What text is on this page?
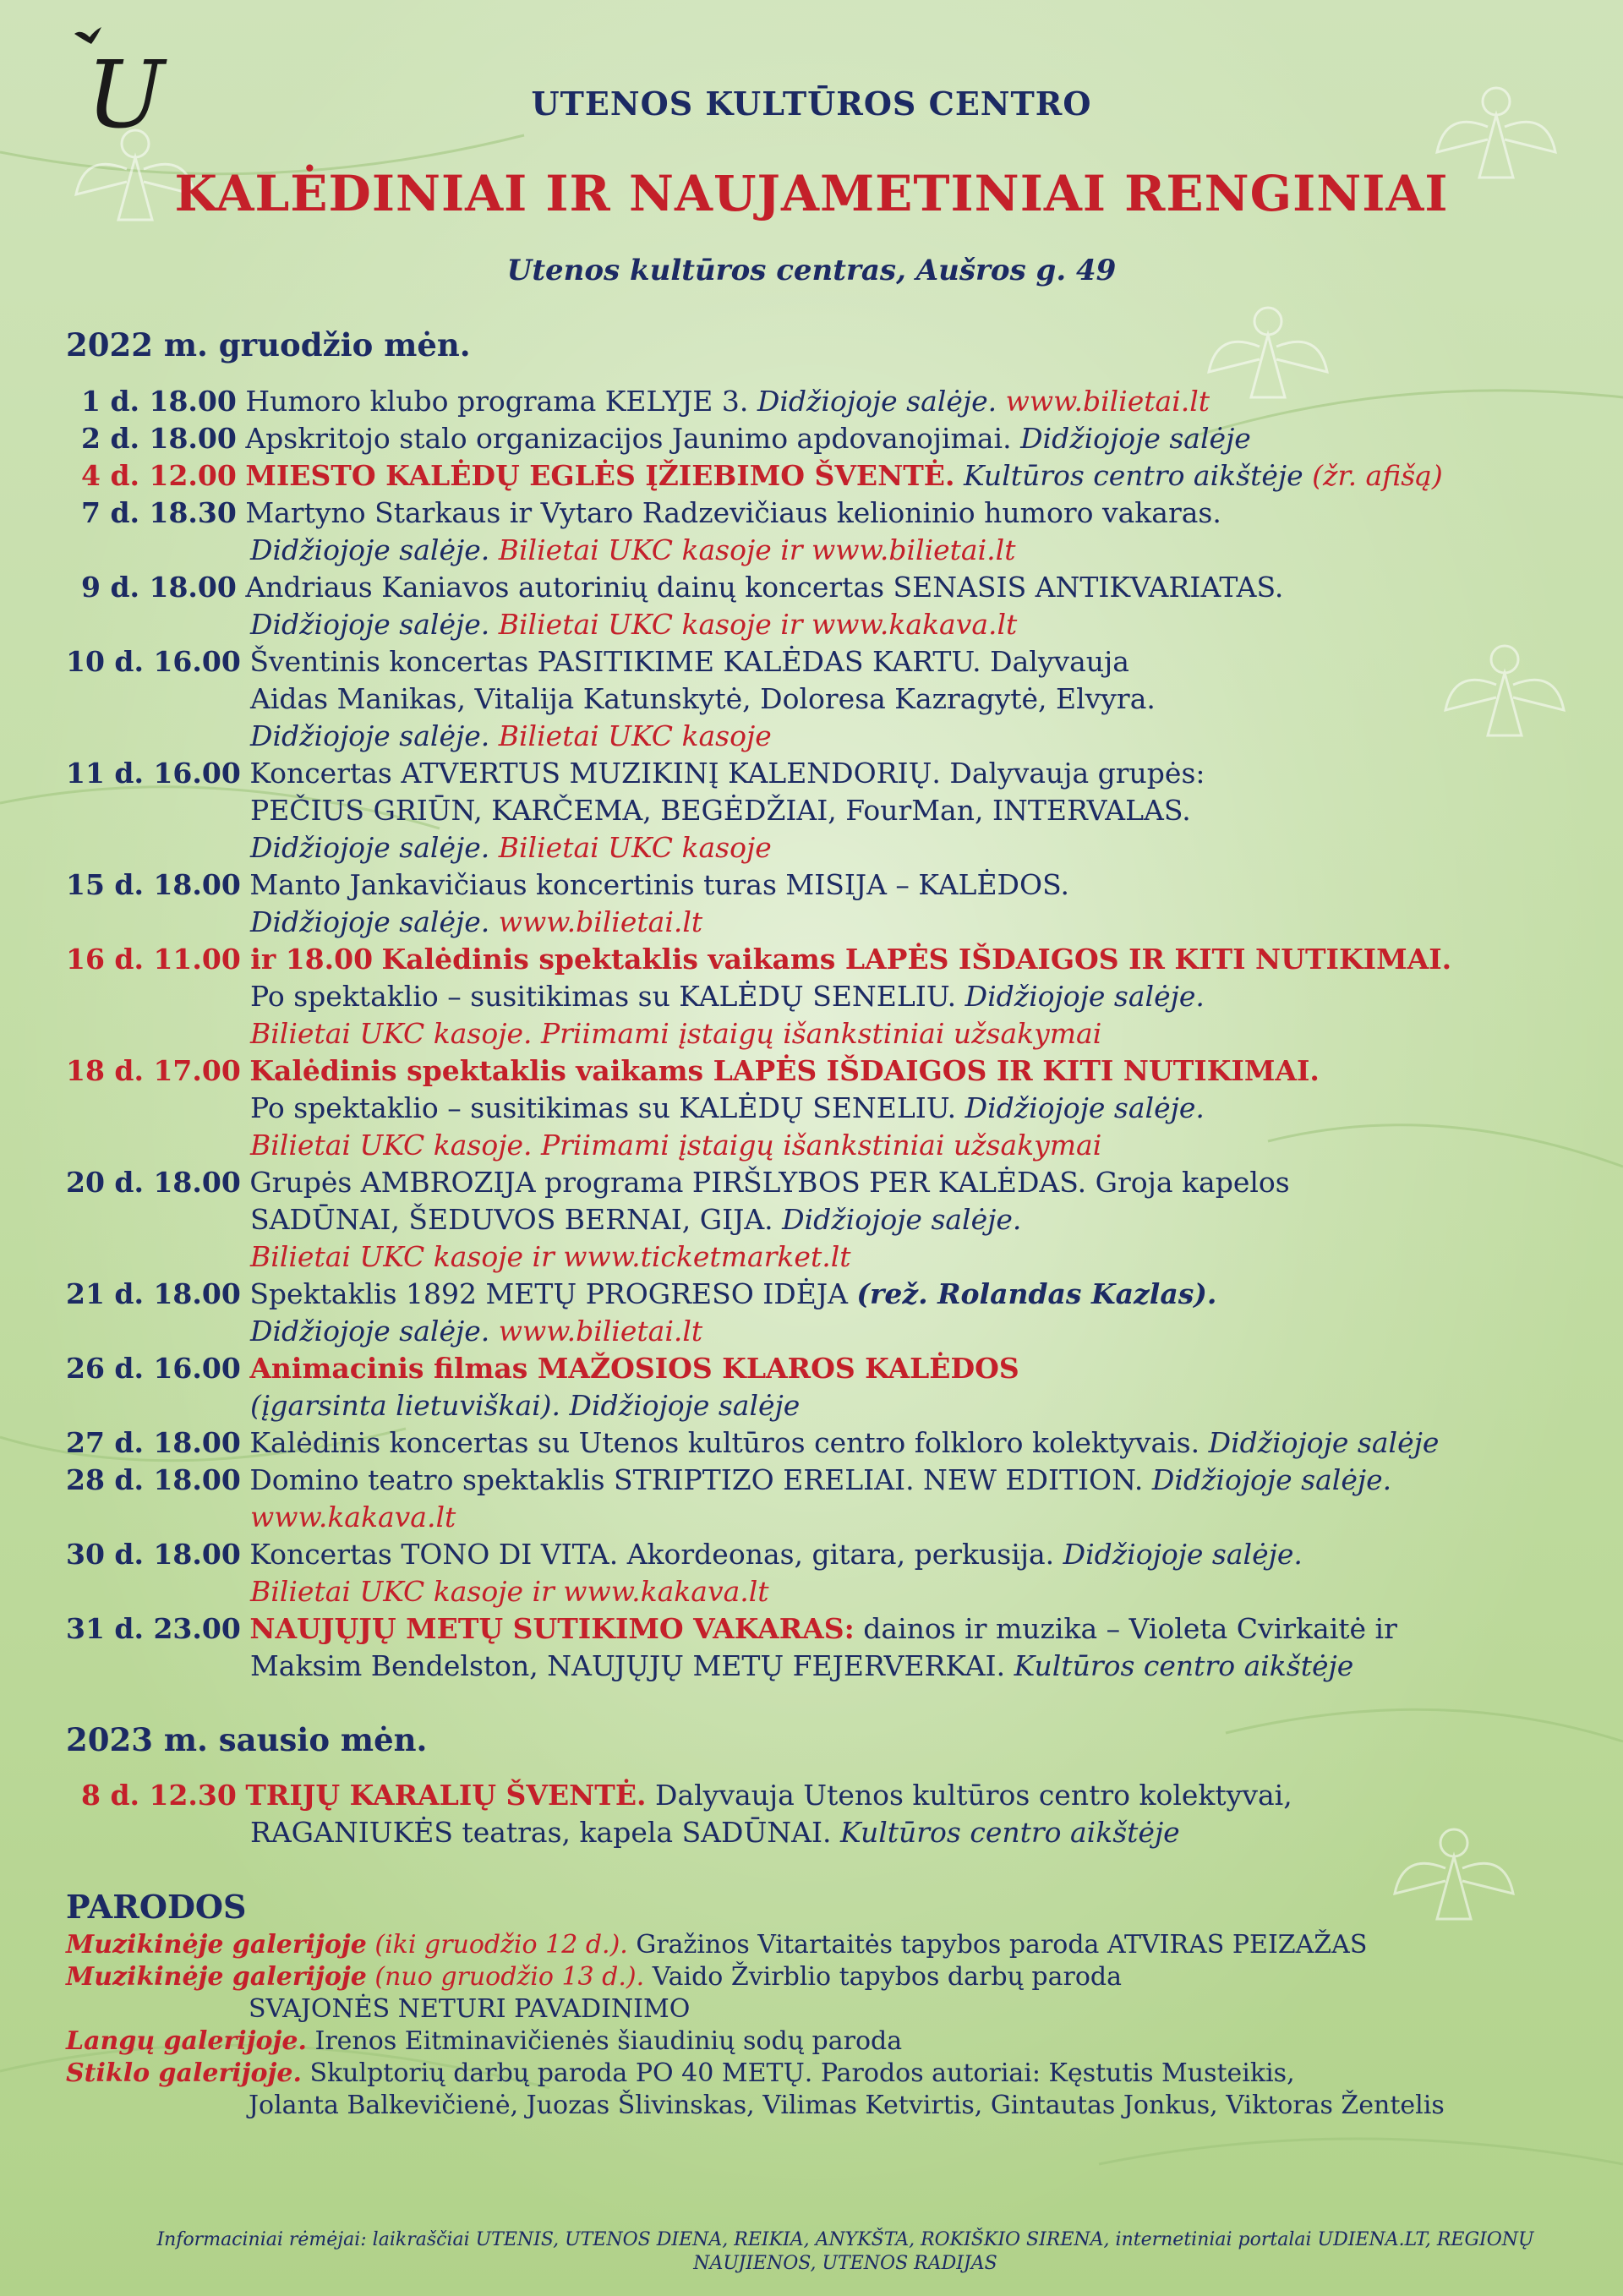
U	UTENOS KULTŪROS CENTRO
KALĖDINIAI IR NAUJAMETINIAI RENGINIAI
Utenos kultūros centras, Aušros g. 49
2022 m. gruodžio mėn.
1 d. 18.00 Humoro klubo programa KELYJE 3. Didžiojoje salėje. www.bilietai.lt
2 d. 18.00 Apskritojo stalo organizacijos Jaunimo apdovanojimai. Didžiojoje salėje
4 d. 12.00 MIESTO KALĖDŲ EGLĖS ĮŽIEBIMO ŠVENTĖ. Kultūros centro aikštėje (žr. afišą)
7 d. 18.30 Martyno Starkaus ir Vytaro Radzevičiaus kelioninio humoro vakaras.
Didžiojoje salėje. Bilietai UKC kasoje ir www.bilietai.lt
9 d. 18.00 Andriaus Kaniavos autorinių dainų koncertas SENASIS ANTIKVARIATAS.
Didžiojoje salėje. Bilietai UKC kasoje ir www.kakava.lt
10 d. 16.00 Šventinis koncertas PASITIKIME KALĖDAS KARTU. Dalyvauja
Aidas Manikas, Vitalija Katunskytė, Doloresa Kazragytė, Elvyra.
Didžiojoje salėje. Bilietai UKC kasoje
11 d. 16.00 Koncertas ATVERTUS MUZIKINĮ KALENDORIŲ. Dalyvauja grupės:
PEČIUS GRIŪN, KARČEMA, BEGĖDŽIAI, FourMan, INTERVALAS.
Didžiojoje salėje. Bilietai UKC kasoje
15 d. 18.00 Manto Jankavičiaus koncertinis turas MISIJA – KALĖDOS.
Didžiojoje salėje. www.bilietai.lt
16 d. 11.00 ir 18.00 Kalėdinis spektaklis vaikams LAPĖS IŠDAIGOS IR KITI NUTIKIMAI.
Po spektaklio – susitikimas su KALĖDŲ SENELIU. Didžiojoje salėje.
Bilietai UKC kasoje. Priimami įstaigų išankstiniai užsakymai
18 d. 17.00 Kalėdinis spektaklis vaikams LAPĖS IŠDAIGOS IR KITI NUTIKIMAI.
Po spektaklio – susitikimas su KALĖDŲ SENELIU. Didžiojoje salėje.
Bilietai UKC kasoje. Priimami įstaigų išankstiniai užsakymai
20 d. 18.00 Grupės AMBROZIJA programa PIRŠLYBOS PER KALĖDAS. Groja kapelos
SADŪNAI, ŠEDUVOS BERNAI, GIJA. Didžiojoje salėje.
Bilietai UKC kasoje ir www.ticketmarket.lt
21 d. 18.00 Spektaklis 1892 METŲ PROGRESO IDĖJA (rež. Rolandas Kazlas).
Didžiojoje salėje. www.bilietai.lt
26 d. 16.00 Animacinis filmas MAŽOSIOS KLAROS KALĖDOS
(įgarsinta lietuviškai). Didžiojoje salėje
27 d. 18.00 Kalėdinis koncertas su Utenos kultūros centro folkloro kolektyvais. Didžiojoje salėje
28 d. 18.00 Domino teatro spektaklis STRIPTIZO ERELIAI. NEW EDITION. Didžiojoje salėje.
www.kakava.lt
30 d. 18.00 Koncertas TONO DI VITA. Akordeonas, gitara, perkusija. Didžiojoje salėje.
Bilietai UKC kasoje ir www.kakava.lt
31 d. 23.00 NAUJŲJŲ METŲ SUTIKIMO VAKARAS: dainos ir muzika – Violeta Cvirkaitė ir
Maksim Bendelston, NAUJŲJŲ METŲ FEJERVERKAI. Kultūros centro aikštėje
2023 m. sausio mėn.
8 d. 12.30 TRIJŲ KARALIŲ ŠVENTĖ. Dalyvauja Utenos kultūros centro kolektyvai,
RAGANIUKĖS teatras, kapela SADŪNAI. Kultūros centro aikštėje
PARODOS
Muzikinėje galerijoje (iki gruodžio 12 d.). Gražinos Vitartaitės tapybos paroda ATVIRAS PEIZAŽAS
Muzikinėje galerijoje (nuo gruodžio 13 d.). Vaido Žvirblio tapybos darbų paroda
SVAJONĖS NETURI PAVADINIMO
Langų galerijoje. Irenos Eitminavičienės šiaudinių sodų paroda
Stiklo galerijoje. Skulptorių darbų paroda PO 40 METŲ. Parodos autoriai: Kęstutis Musteikis,
Jolanta Balkevičienė, Juozas Šlivinskas, Vilimas Ketvirtis, Gintautas Jonkus, Viktoras Žentelis
Informaciniai rėmėjai: laikraščiai UTENIS, UTENOS DIENA, REIKIA, ANYKŠTA, ROKIŠKIO SIRENA, internetiniai portalai UDIENA.LT, REGIONŲ
NAUJIENOS, UTENOS RADIJAS
